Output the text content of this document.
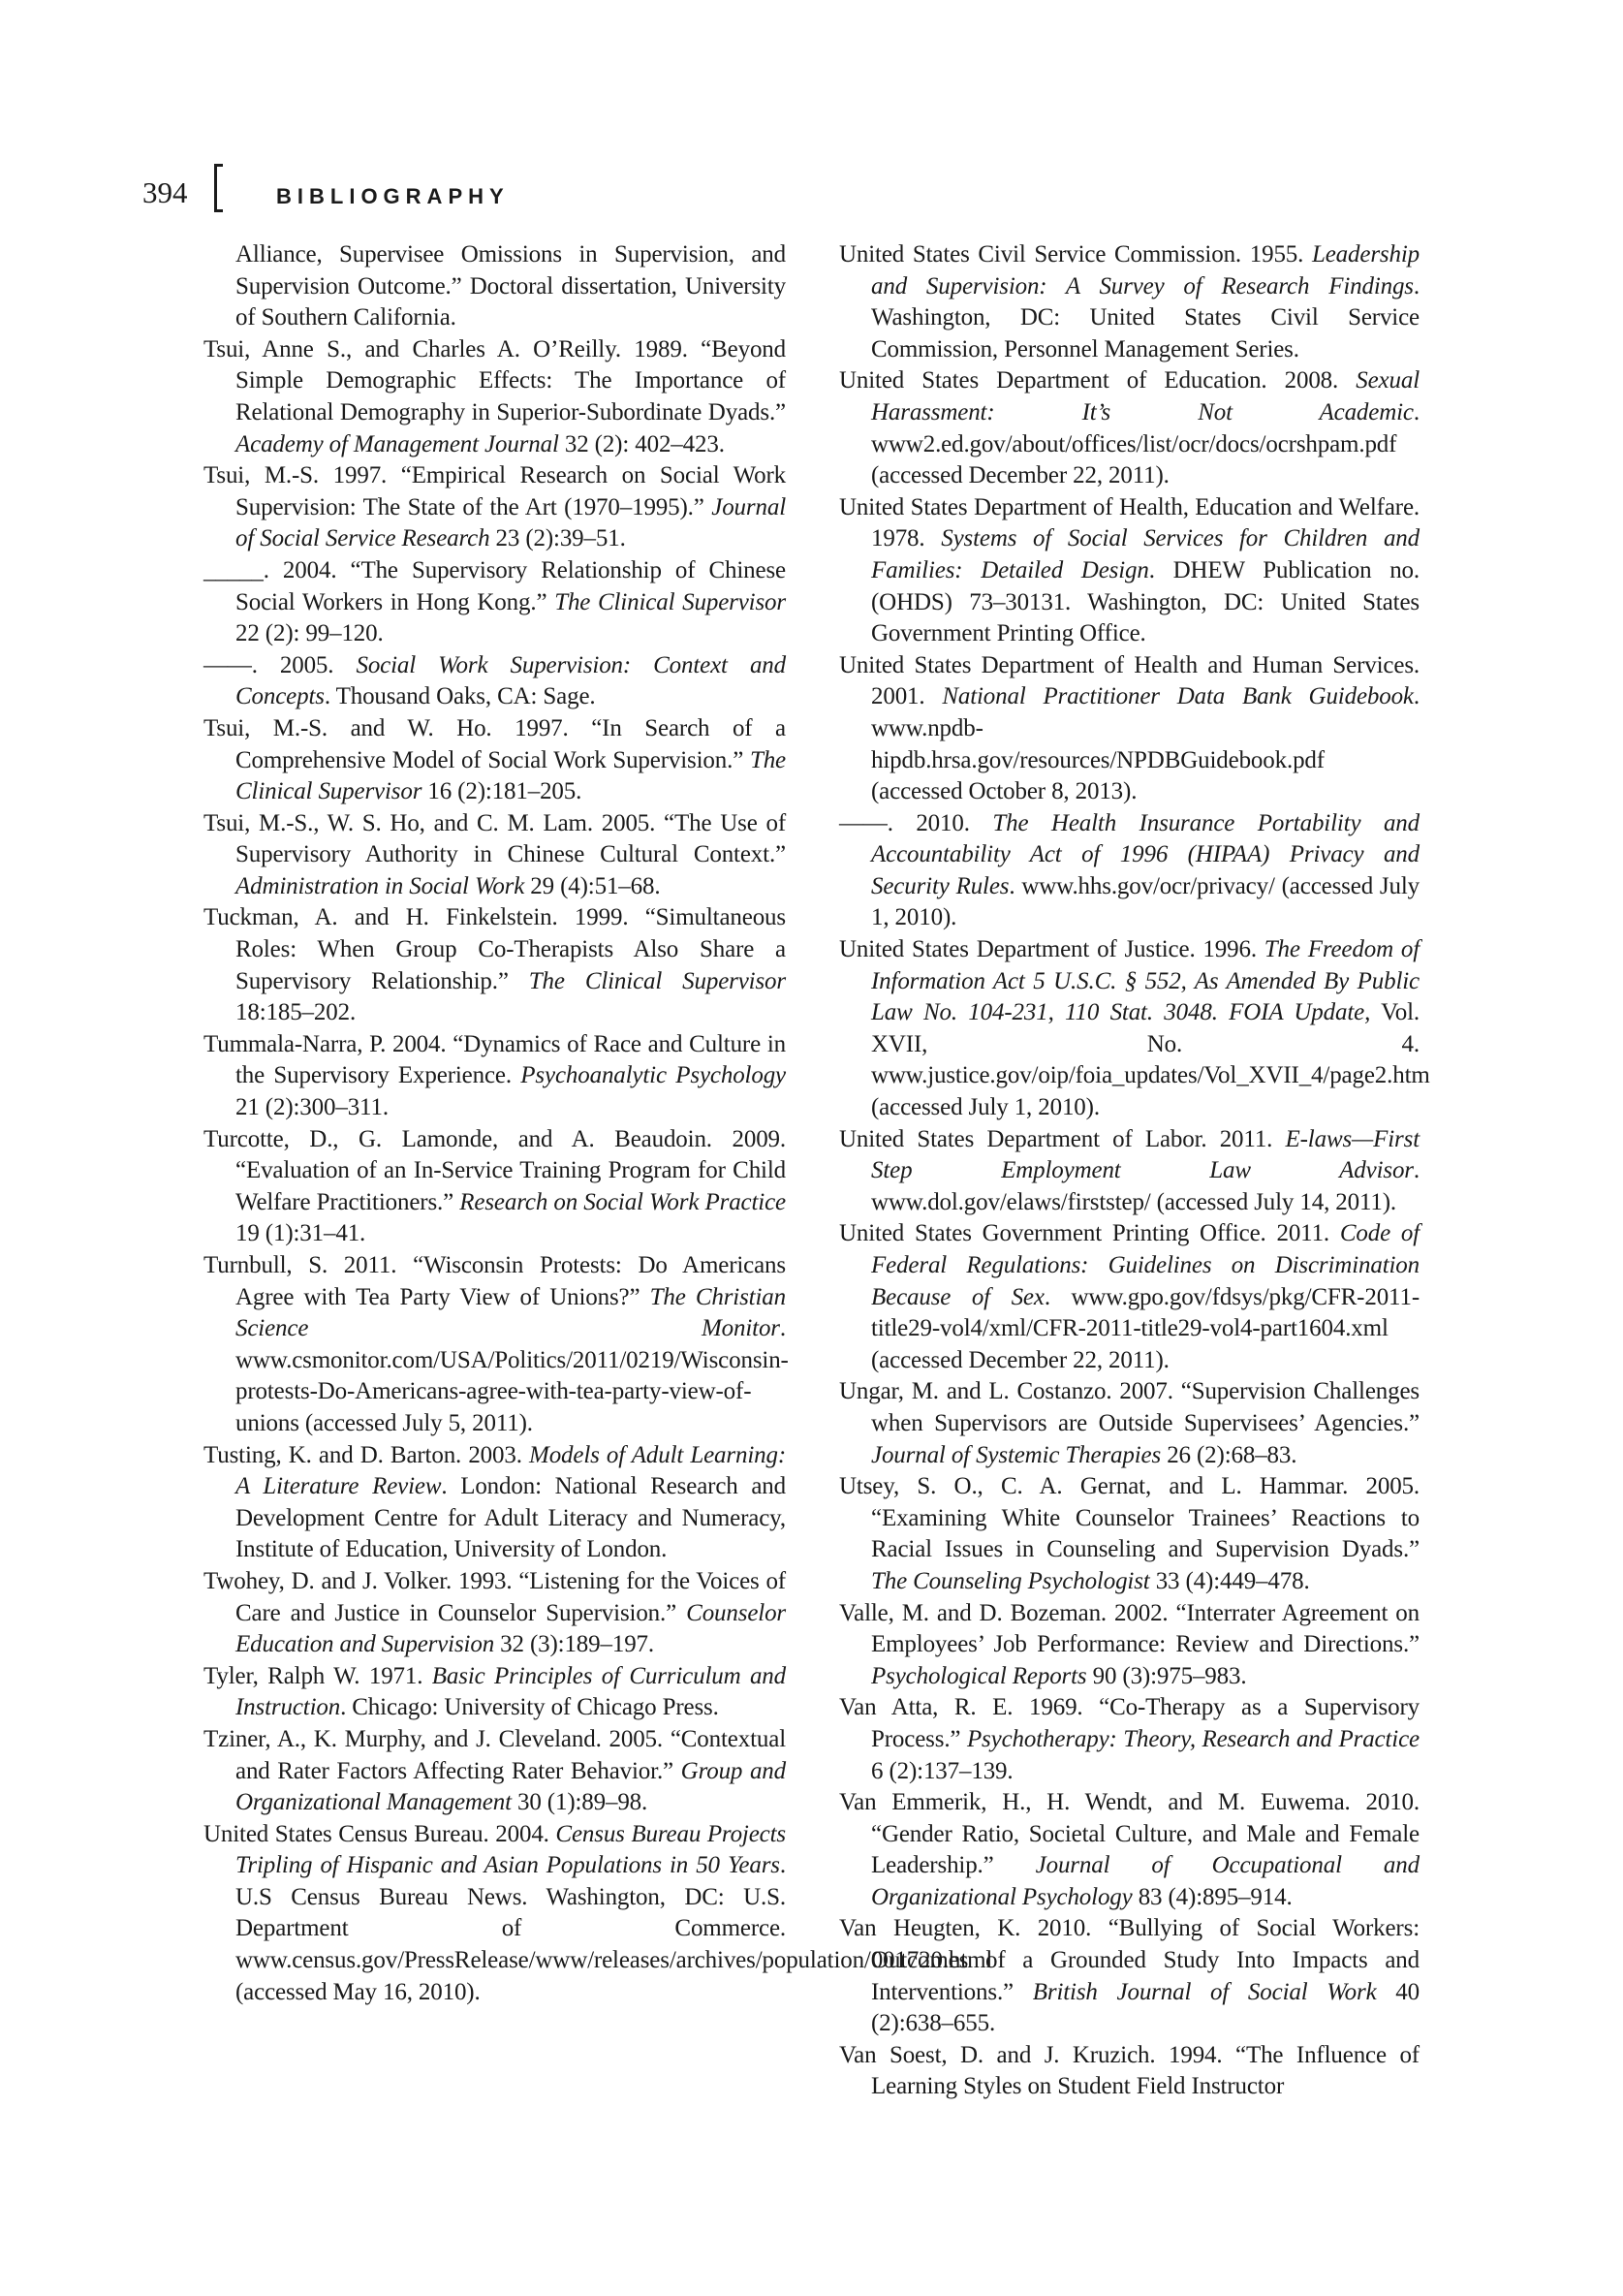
394	BIBLIOGRAPHY

Alliance, Supervisee Omissions in Supervision, and Supervision Outcome.” Doctoral dissertation, University of Southern California.

Tsui, Anne S., and Charles A. O’Reilly. 1989. “Beyond Simple Demographic Effects: The Importance of Relational Demography in Superior-Subordinate Dyads.” Academy of Management Journal 32 (2): 402–423.

Tsui, M.-S. 1997. “Empirical Research on Social Work Supervision: The State of the Art (1970–1995).” Journal of Social Service Research 23 (2):39–51.

_____. 2004. “The Supervisory Relationship of Chinese Social Workers in Hong Kong.” The Clinical Supervisor 22 (2): 99–120.

——. 2005. Social Work Supervision: Context and Concepts. Thousand Oaks, CA: Sage.

Tsui, M.-S. and W. Ho. 1997. “In Search of a Comprehensive Model of Social Work Supervision.” The Clinical Supervisor 16 (2):181–205.

Tsui, M.-S., W. S. Ho, and C. M. Lam. 2005. “The Use of Supervisory Authority in Chinese Cultural Context.” Administration in Social Work 29 (4):51–68.

Tuckman, A. and H. Finkelstein. 1999. “Simultaneous Roles: When Group Co-Therapists Also Share a Supervisory Relationship.” The Clinical Supervisor 18:185–202.

Tummala-Narra, P. 2004. “Dynamics of Race and Culture in the Supervisory Experience. Psychoanalytic Psychology 21 (2):300–311.

Turcotte, D., G. Lamonde, and A. Beaudoin. 2009. “Evaluation of an In-Service Training Program for Child Welfare Practitioners.” Research on Social Work Practice 19 (1):31–41.

Turnbull, S. 2011. “Wisconsin Protests: Do Americans Agree with Tea Party View of Unions?” The Christian Science Monitor. www.csmonitor.com/USA/Politics/2011/0219/Wisconsin-protests-Do-Americans-agree-with-tea-party-view-of-unions (accessed July 5, 2011).

Tusting, K. and D. Barton. 2003. Models of Adult Learning: A Literature Review. London: National Research and Development Centre for Adult Literacy and Numeracy, Institute of Education, University of London.

Twohey, D. and J. Volker. 1993. “Listening for the Voices of Care and Justice in Counselor Supervision.” Counselor Education and Supervision 32 (3):189–197.

Tyler, Ralph W. 1971. Basic Principles of Curriculum and Instruction. Chicago: University of Chicago Press.

Tziner, A., K. Murphy, and J. Cleveland. 2005. “Contextual and Rater Factors Affecting Rater Behavior.” Group and Organizational Management 30 (1):89–98.

United States Census Bureau. 2004. Census Bureau Projects Tripling of Hispanic and Asian Populations in 50 Years. U.S Census Bureau News. Washington, DC: U.S. Department of Commerce. www.census.gov/PressRelease/www/releases/archives/population/001720.html (accessed May 16, 2010).

United States Civil Service Commission. 1955. Leadership and Supervision: A Survey of Research Findings. Washington, DC: United States Civil Service Commission, Personnel Management Series.

United States Department of Education. 2008. Sexual Harassment: It’s Not Academic. www2.ed.gov/about/offices/list/ocr/docs/ocrshpam.pdf (accessed December 22, 2011).

United States Department of Health, Education and Welfare. 1978. Systems of Social Services for Children and Families: Detailed Design. DHEW Publication no. (OHDS) 73–30131. Washington, DC: United States Government Printing Office.

United States Department of Health and Human Services. 2001. National Practitioner Data Bank Guidebook. www.npdb-hipdb.hrsa.gov/resources/NPDBGuidebook.pdf (accessed October 8, 2013).

——. 2010. The Health Insurance Portability and Accountability Act of 1996 (HIPAA) Privacy and Security Rules. www.hhs.gov/ocr/privacy/ (accessed July 1, 2010).

United States Department of Justice. 1996. The Freedom of Information Act 5 U.S.C. § 552, As Amended By Public Law No. 104-231, 110 Stat. 3048. FOIA Update, Vol. XVII, No. 4. www.justice.gov/oip/foia_updates/Vol_XVII_4/page2.htm (accessed July 1, 2010).

United States Department of Labor. 2011. E-laws—First Step Employment Law Advisor. www.dol.gov/elaws/firststep/ (accessed July 14, 2011).

United States Government Printing Office. 2011. Code of Federal Regulations: Guidelines on Discrimination Because of Sex. www.gpo.gov/fdsys/pkg/CFR-2011-title29-vol4/xml/CFR-2011-title29-vol4-part1604.xml (accessed December 22, 2011).

Ungar, M. and L. Costanzo. 2007. “Supervision Challenges when Supervisors are Outside Supervisees’ Agencies.” Journal of Systemic Therapies 26 (2):68–83.

Utsey, S. O., C. A. Gernat, and L. Hammar. 2005. “Examining White Counselor Trainees’ Reactions to Racial Issues in Counseling and Supervision Dyads.” The Counseling Psychologist 33 (4):449–478.

Valle, M. and D. Bozeman. 2002. “Interrater Agreement on Employees’ Job Performance: Review and Directions.” Psychological Reports 90 (3):975–983.

Van Atta, R. E. 1969. “Co-Therapy as a Supervisory Process.” Psychotherapy: Theory, Research and Practice 6 (2):137–139.

Van Emmerik, H., H. Wendt, and M. Euwema. 2010. “Gender Ratio, Societal Culture, and Male and Female Leadership.” Journal of Occupational and Organizational Psychology 83 (4):895–914.

Van Heugten, K. 2010. “Bullying of Social Workers: Outcomes of a Grounded Study Into Impacts and Interventions.” British Journal of Social Work 40 (2):638–655.

Van Soest, D. and J. Kruzich. 1994. “The Influence of Learning Styles on Student Field Instructor
